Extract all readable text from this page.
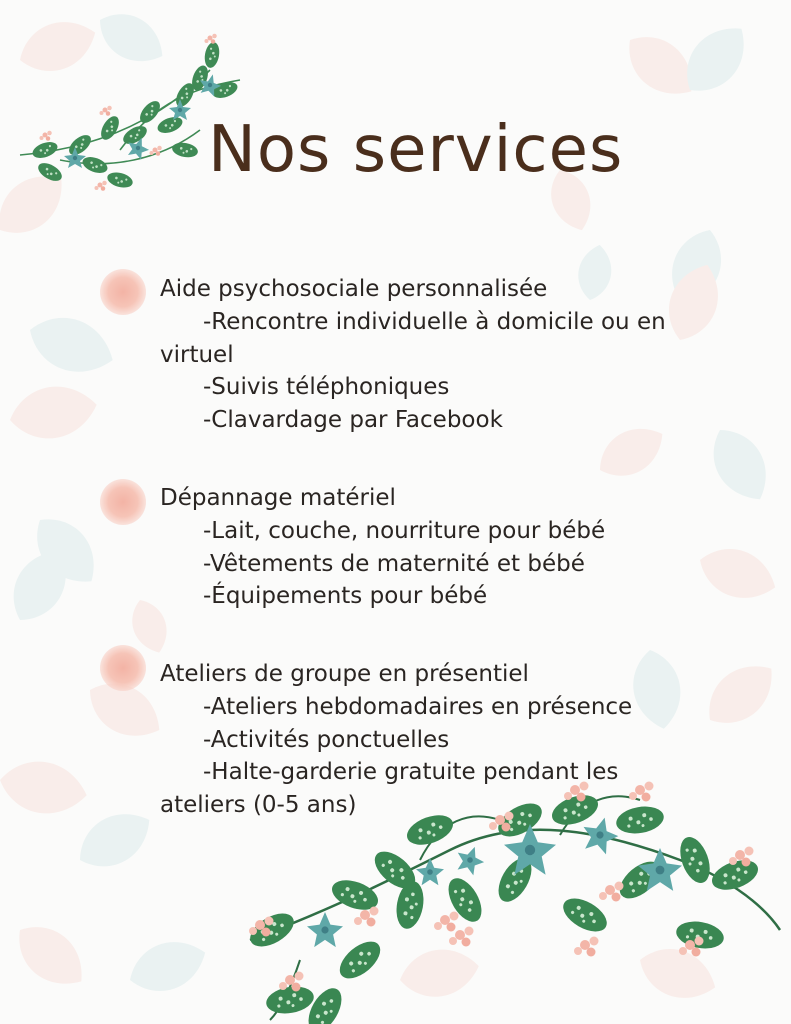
Nos services
Aide psychosociale personnalisée
-Rencontre individuelle à domicile ou en virtuel
-Suivis téléphoniques
-Clavardage par Facebook
Dépannage matériel
-Lait, couche, nourriture pour bébé
-Vêtements de maternité et bébé
-Équipements pour bébé
Ateliers de groupe en présentiel
-Ateliers hebdomadaires en présence
-Activités ponctuelles
-Halte-garderie gratuite pendant les ateliers (0-5 ans)
